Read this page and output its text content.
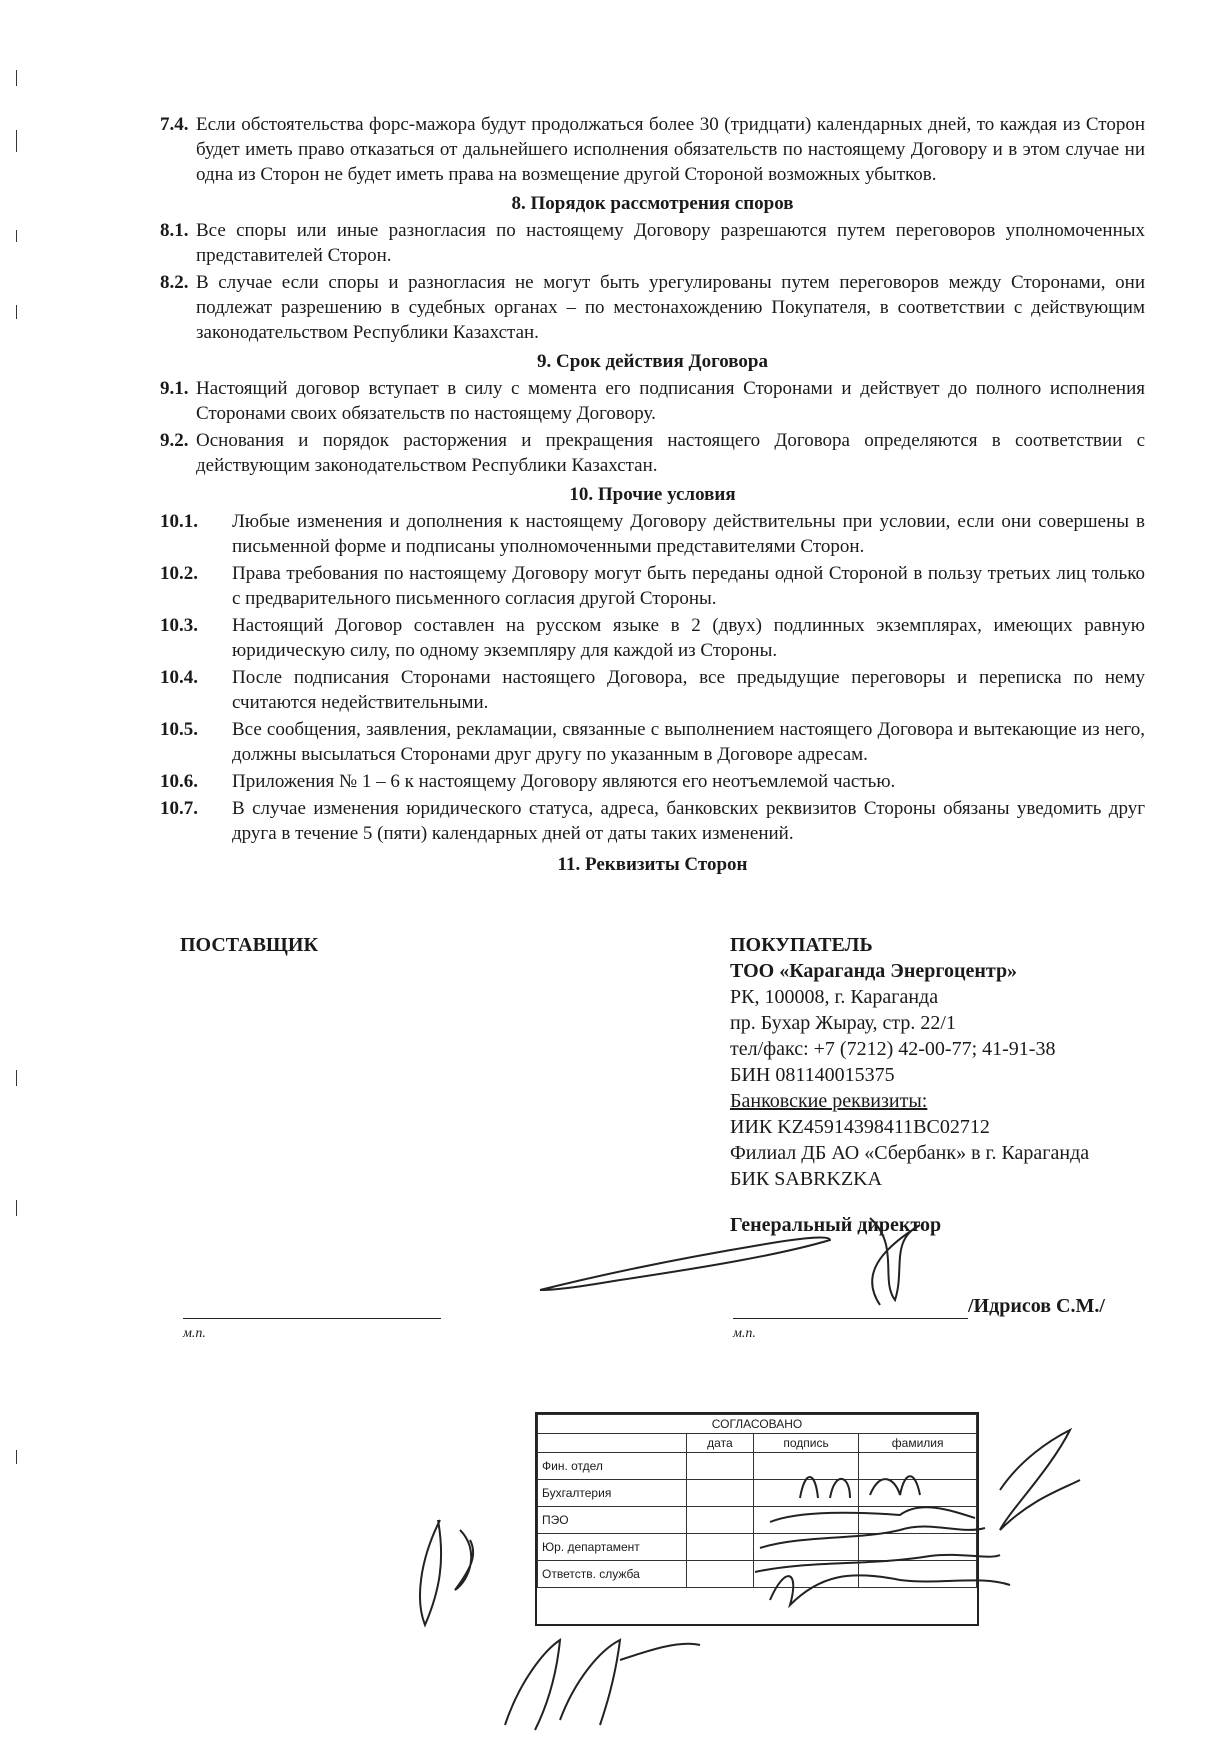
7.4. Если обстоятельства форс-мажора будут продолжаться более 30 (тридцати) календарных дней, то каждая из Сторон будет иметь право отказаться от дальнейшего исполнения обязательств по настоящему Договору и в этом случае ни одна из Сторон не будет иметь права на возмещение другой Стороной возможных убытков.
8. Порядок рассмотрения споров
8.1. Все споры или иные разногласия по настоящему Договору разрешаются путем переговоров уполномоченных представителей Сторон.
8.2. В случае если споры и разногласия не могут быть урегулированы путем переговоров между Сторонами, они подлежат разрешению в судебных органах – по местонахождению Покупателя, в соответствии с действующим законодательством Республики Казахстан.
9. Срок действия Договора
9.1. Настоящий договор вступает в силу с момента его подписания Сторонами и действует до полного исполнения Сторонами своих обязательств по настоящему Договору.
9.2. Основания и порядок расторжения и прекращения настоящего Договора определяются в соответствии с действующим законодательством Республики Казахстан.
10. Прочие условия
10.1.	Любые изменения и дополнения к настоящему Договору действительны при условии, если они совершены в письменной форме и подписаны уполномоченными представителями Сторон.
10.2.	Права требования по настоящему Договору могут быть переданы одной Стороной в пользу третьих лиц только с предварительного письменного согласия другой Стороны.
10.3.	Настоящий Договор составлен на русском языке в 2 (двух) подлинных экземплярах, имеющих равную юридическую силу, по одному экземпляру для каждой из Стороны.
10.4.	После подписания Сторонами настоящего Договора, все предыдущие переговоры и переписка по нему считаются недействительными.
10.5.	Все сообщения, заявления, рекламации, связанные с выполнением настоящего Договора и вытекающие из него, должны высылаться Сторонами друг другу по указанным в Договоре адресам.
10.6.	Приложения № 1 – 6 к настоящему Договору являются его неотъемлемой частью.
10.7.	В случае изменения юридического статуса, адреса, банковских реквизитов Стороны обязаны уведомить друг друга в течение 5 (пяти) календарных дней от даты таких изменений.
11. Реквизиты Сторон
ПОСТАВЩИК	ПОКУПАТЕЛЬ
ТОО «Караганда Энергоцентр»
РК, 100008, г. Караганда
пр. Бухар Жырау, стр. 22/1
тел/факс: +7 (7212) 42-00-77; 41-91-38
БИН 081140015375
Банковские реквизиты:
ИИК KZ45914398411BC02712
Филиал ДБ АО «Сбербанк» в г. Караганда
БИК SABRKZKA
Генеральный директор
м.п.
/Идрисов С.М./
м.п.
СОГЛАСОВАНО			
	дата	подпись	фамилия
Фин. отдел			
Бухгалтерия			
ПЭО			
Юр. департамент			
Ответств. служба			
